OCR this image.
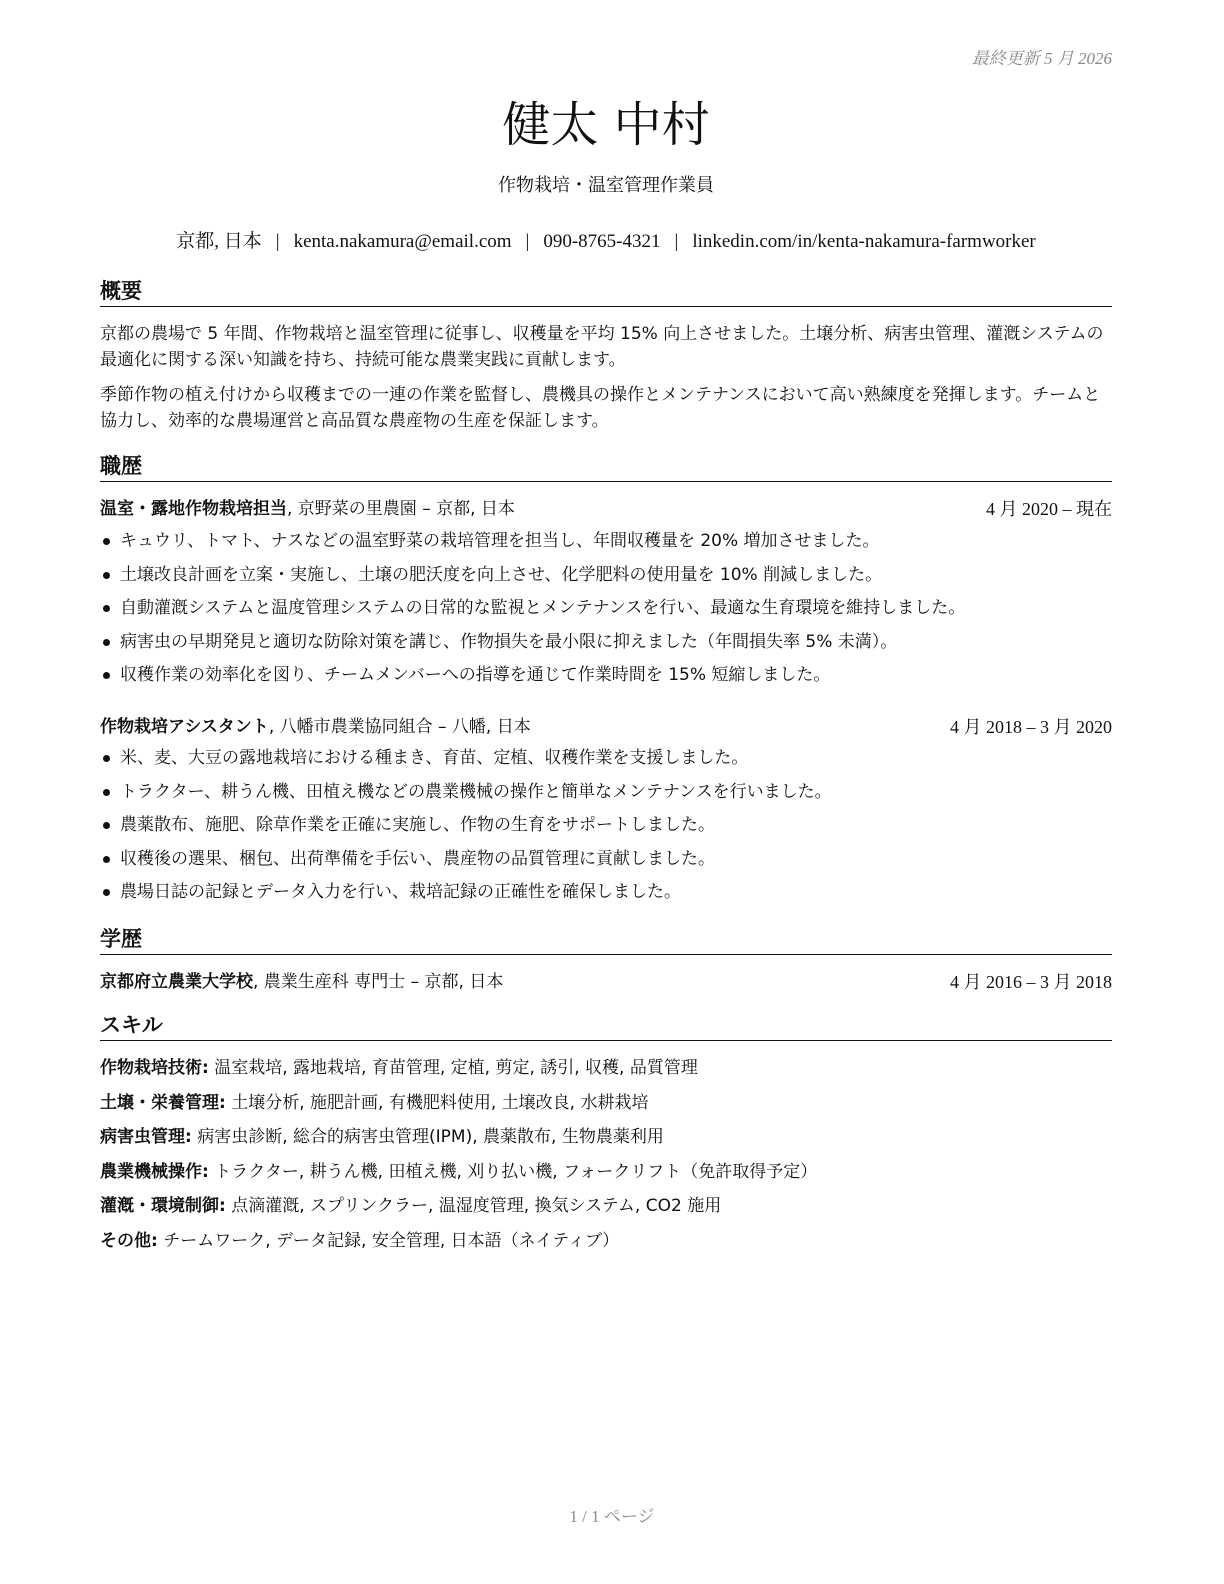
最終更新 5 月 2026
健太 中村
作物栽培・温室管理作業員
京都, 日本 | kenta.nakamura@email.com | 090-8765-4321 | linkedin.com/in/kenta-nakamura-farmworker
概要
京都の農場で 5 年間、作物栽培と温室管理に従事し、収穫量を平均 15% 向上させました。土壌分析、病害虫管理、灌漑システムの最適化に関する深い知識を持ち、持続可能な農業実践に貢献します。
季節作物の植え付けから収穫までの一連の作業を監督し、農機具の操作とメンテナンスにおいて高い熟練度を発揮します。チームと協力し、効率的な農場運営と高品質な農産物の生産を保証します。
職歴
温室・露地作物栽培担当, 京野菜の里農園 – 京都, 日本	4 月 2020 – 現在
キュウリ、トマト、ナスなどの温室野菜の栽培管理を担当し、年間収穫量を 20% 増加させました。
土壌改良計画を立案・実施し、土壌の肥沃度を向上させ、化学肥料の使用量を 10% 削減しました。
自動灌漑システムと温度管理システムの日常的な監視とメンテナンスを行い、最適な生育環境を維持しました。
病害虫の早期発見と適切な防除対策を講じ、作物損失を最小限に抑えました（年間損失率 5% 未満）。
収穫作業の効率化を図り、チームメンバーへの指導を通じて作業時間を 15% 短縮しました。
作物栽培アシスタント, 八幡市農業協同組合 – 八幡, 日本	4 月 2018 – 3 月 2020
米、麦、大豆の露地栽培における種まき、育苗、定植、収穫作業を支援しました。
トラクター、耕うん機、田植え機などの農業機械の操作と簡単なメンテナンスを行いました。
農薬散布、施肥、除草作業を正確に実施し、作物の生育をサポートしました。
収穫後の選果、梱包、出荷準備を手伝い、農産物の品質管理に貢献しました。
農場日誌の記録とデータ入力を行い、栽培記録の正確性を確保しました。
学歴
京都府立農業大学校, 農業生産科 専門士 – 京都, 日本	4 月 2016 – 3 月 2018
スキル
作物栽培技術: 温室栽培, 露地栽培, 育苗管理, 定植, 剪定, 誘引, 収穫, 品質管理
土壌・栄養管理: 土壌分析, 施肥計画, 有機肥料使用, 土壌改良, 水耕栽培
病害虫管理: 病害虫診断, 総合的病害虫管理(IPM), 農薬散布, 生物農薬利用
農業機械操作: トラクター, 耕うん機, 田植え機, 刈り払い機, フォークリフト（免許取得予定）
灌漑・環境制御: 点滴灌漑, スプリンクラー, 温湿度管理, 換気システム, CO2 施用
その他: チームワーク, データ記録, 安全管理, 日本語（ネイティブ）
1 / 1 ページ
